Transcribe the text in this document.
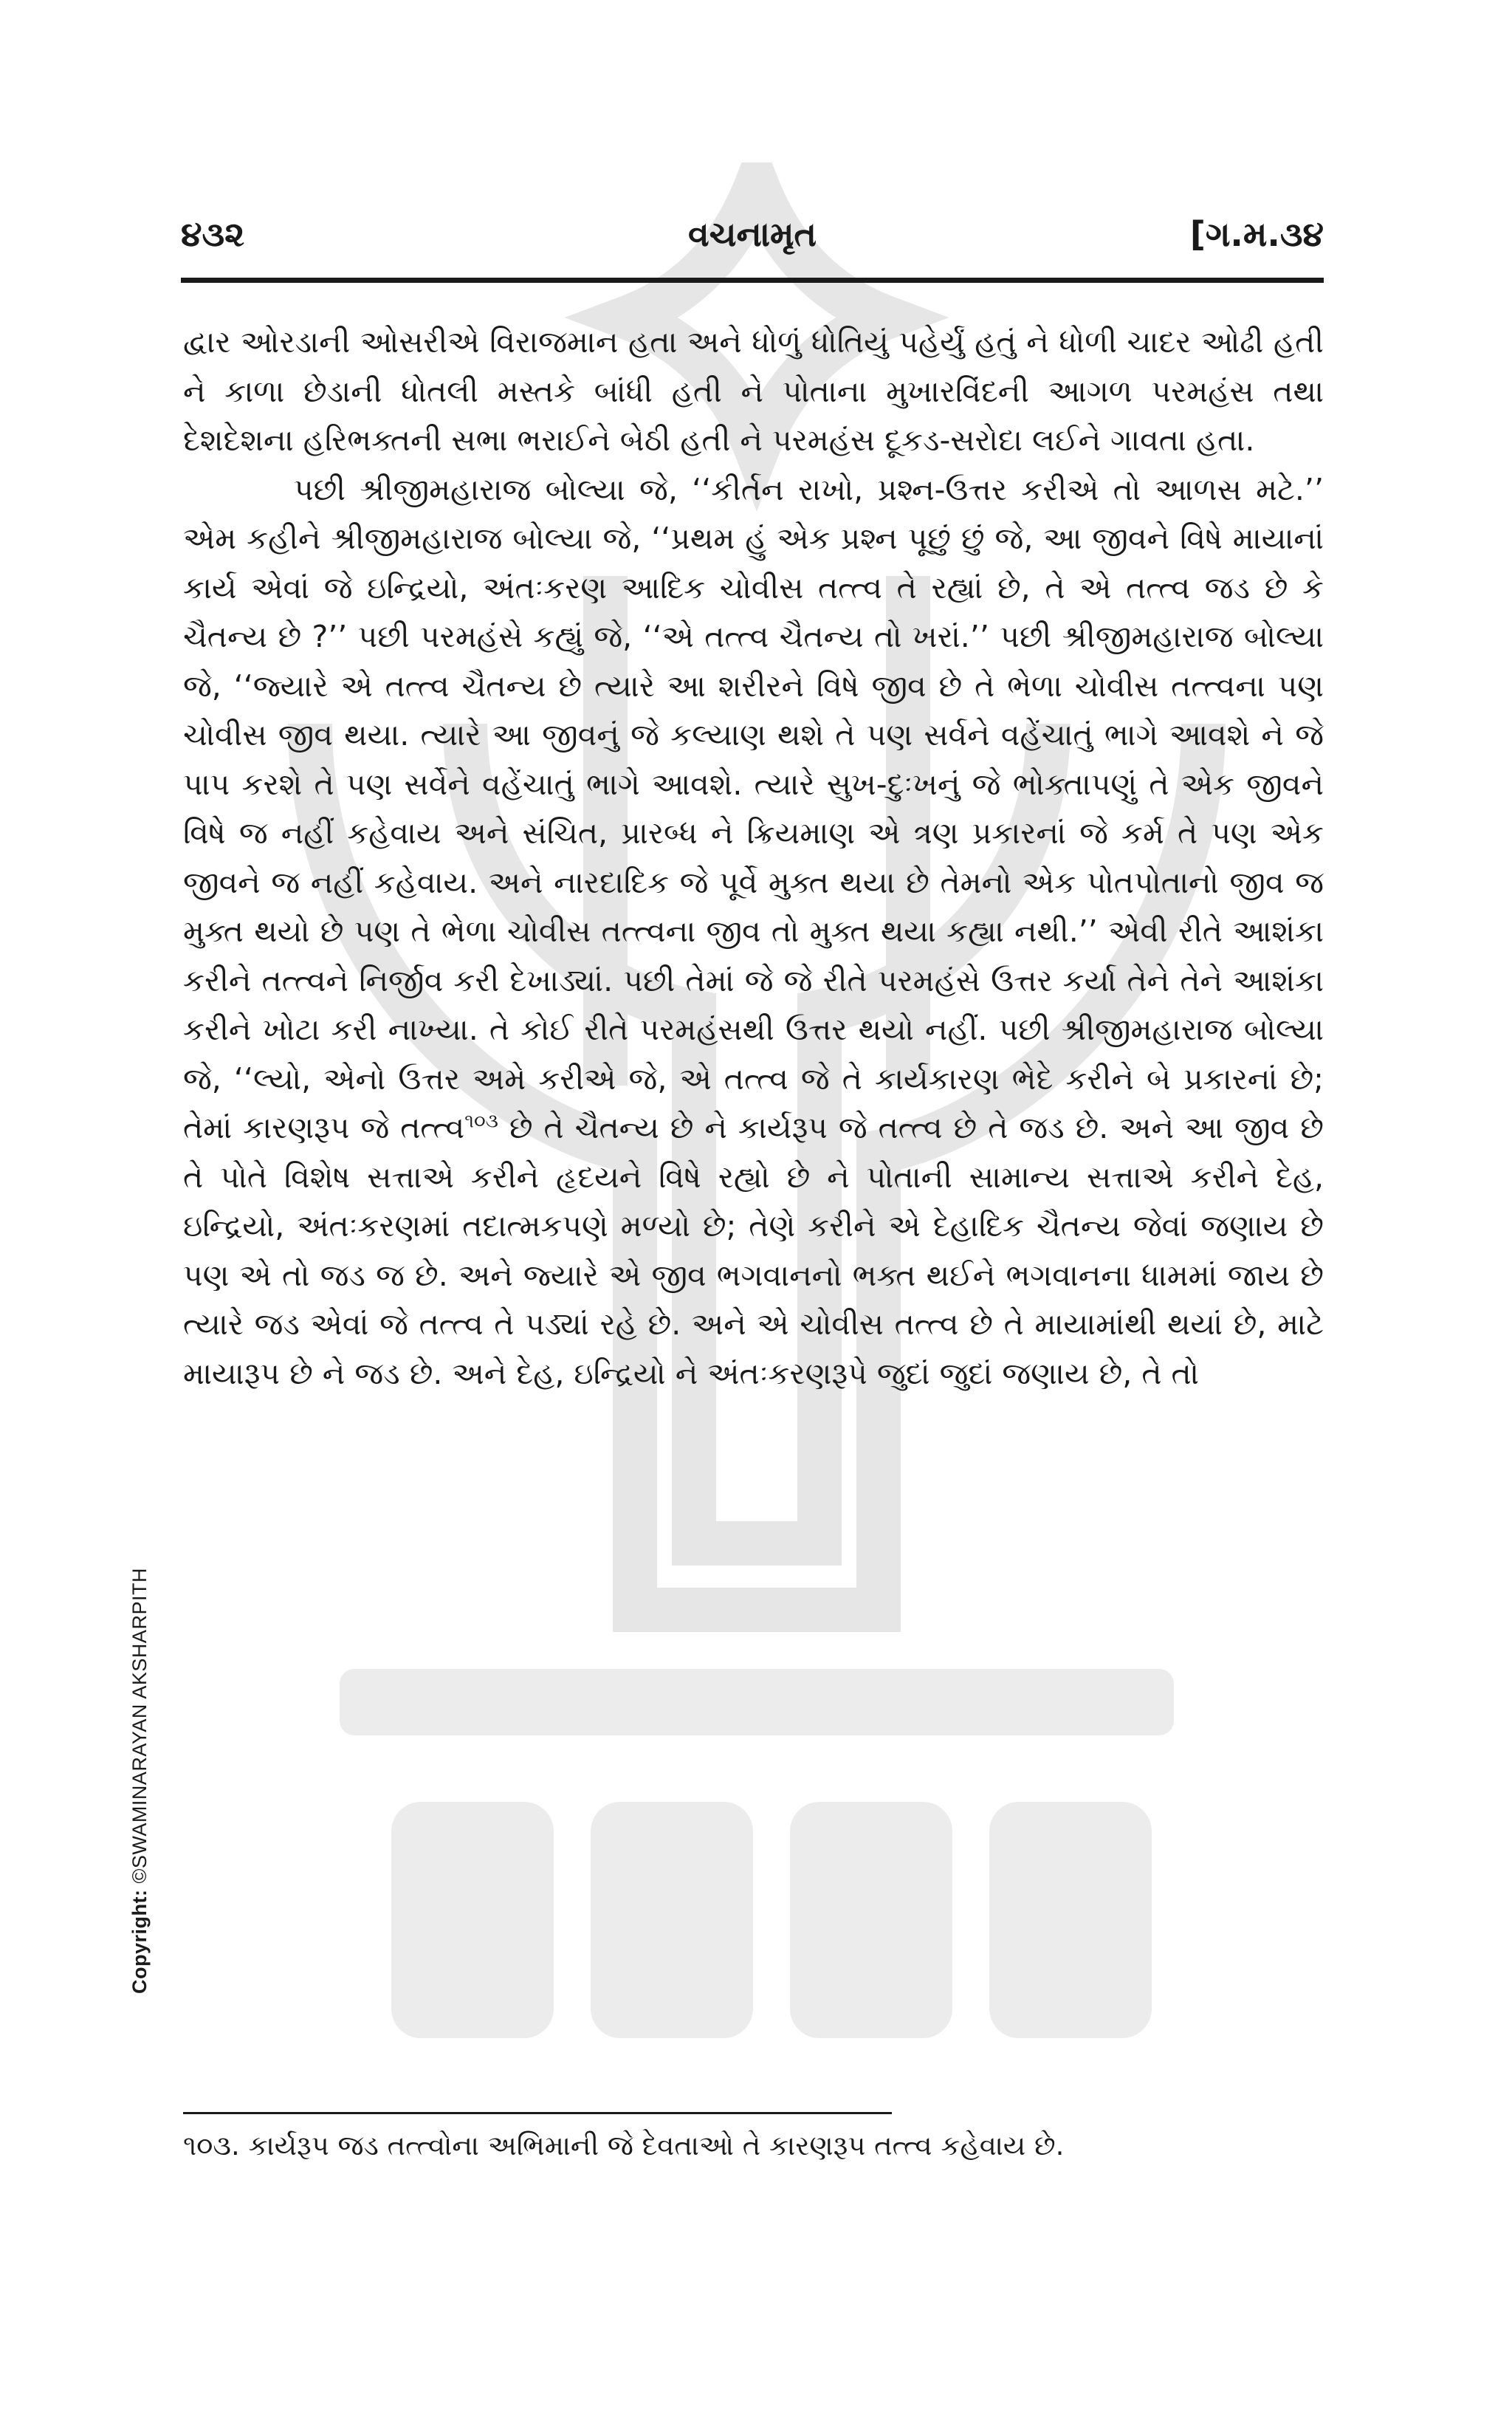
૪૩૨	વચનામૃત	[ગ.મ.૩૪

દ્વાર ઓરડાની ઓસરીએ વિરાજમાન હતા અને ધોળું ધોતિયું પહેર્યું હતું ને ધોળી ચાદર ઓઢી હતી ને કાળા છેડાની ધોતલી મસ્તકે બાંધી હતી ને પોતાના મુખારવિંદની આગળ પરમહંસ તથા દેશદેશના હરિભક્તની સભા ભરાઈને બેઠી હતી ને પરમહંસ દૂકડ-સરોદા લઈને ગાવતા હતા.

પછી શ્રીજીમહારાજ બોલ્યા જે, ‘‘કીર્તન રાખો, પ્રશ્ન-ઉત્તર કરીએ તો આળસ મટે.’’ એમ કહીને શ્રીજીમહારાજ બોલ્યા જે, ‘‘પ્રથમ હું એક પ્રશ્ન પૂછું છું જે, આ જીવને વિષે માયાનાં કાર્ય એવાં જે ઇન્દ્રિયો, અંતઃકરણ આદિક ચોવીસ તત્ત્વ તે રહ્યાં છે, તે એ તત્ત્વ જડ છે કે ચૈતન્ય છે ?’’ પછી પરમહંસે કહ્યું જે, ‘‘એ તત્ત્વ ચૈતન્ય તો ખરાં.’’ પછી શ્રીજીમહારાજ બોલ્યા જે, ‘‘જ્યારે એ તત્ત્વ ચૈતન્ય છે ત્યારે આ શરીરને વિષે જીવ છે તે ભેળા ચોવીસ તત્ત્વના પણ ચોવીસ જીવ થયા. ત્યારે આ જીવનું જે કલ્યાણ થશે તે પણ સર્વને વહેંચાતું ભાગે આવશે ને જે પાપ કરશે તે પણ સર્વેને વહેંચાતું ભાગે આવશે. ત્યારે સુખ-દુઃખનું જે ભોક્તાપણું તે એક જીવને વિષે જ નહીં કહેવાય અને સંચિત, પ્રારબ્ધ ને ક્રિયમાણ એ ત્રણ પ્રકારનાં જે કર્મ તે પણ એક જીવને જ નહીં કહેવાય. અને નારદાદિક જે પૂર્વે મુક્ત થયા છે તેમનો એક પોતપોતાનો જીવ જ મુક્ત થયો છે પણ તે ભેળા ચોવીસ તત્ત્વના જીવ તો મુક્ત થયા કહ્યા નથી.’’ એવી રીતે આશંકા કરીને તત્ત્વને નિર્જીવ કરી દેખાડ્યાં. પછી તેમાં જે જે રીતે પરમહંસે ઉત્તર કર્યા તેને તેને આશંકા કરીને ખોટા કરી નાખ્યા. તે કોઈ રીતે પરમહંસથી ઉત્તર થયો નહીં. પછી શ્રીજીમહારાજ બોલ્યા જે, ‘‘લ્યો, એનો ઉત્તર અમે કરીએ જે, એ તત્ત્વ જે તે કાર્યકારણ ભેદે કરીને બે પ્રકારનાં છે; તેમાં કારણરૂપ જે તત્ત્વ$^{૧૦૩}$ છે તે ચૈતન્ય છે ને કાર્યરૂપ જે તત્ત્વ છે તે જડ છે. અને આ જીવ છે તે પોતે વિશેષ સત્તાએ કરીને હૃદયને વિષે રહ્યો છે ને પોતાની સામાન્ય સત્તાએ કરીને દેહ, ઇન્દ્રિયો, અંતઃકરણમાં તદાત્મકપણે મળ્યો છે; તેણે કરીને એ દેહાદિક ચૈતન્ય જેવાં જણાય છે પણ એ તો જડ જ છે. અને જ્યારે એ જીવ ભગવાનનો ભક્ત થઈને ભગવાનના ધામમાં જાય છે ત્યારે જડ એવાં જે તત્ત્વ તે પડ્યાં રહે છે. અને એ ચોવીસ તત્ત્વ છે તે માયામાંથી થયાં છે, માટે માયારૂપ છે ને જડ છે. અને દેહ, ઇન્દ્રિયો ને અંતઃકરણરૂપે જુદાં જુદાં જણાય છે, તે તો

૧૦૩. કાર્યરૂપ જડ તત્ત્વોના અભિમાની જે દેવતાઓ તે કારણરૂપ તત્ત્વ કહેવાય છે.
Copyright: ©SWAMINARAYAN AKSHARPITH
